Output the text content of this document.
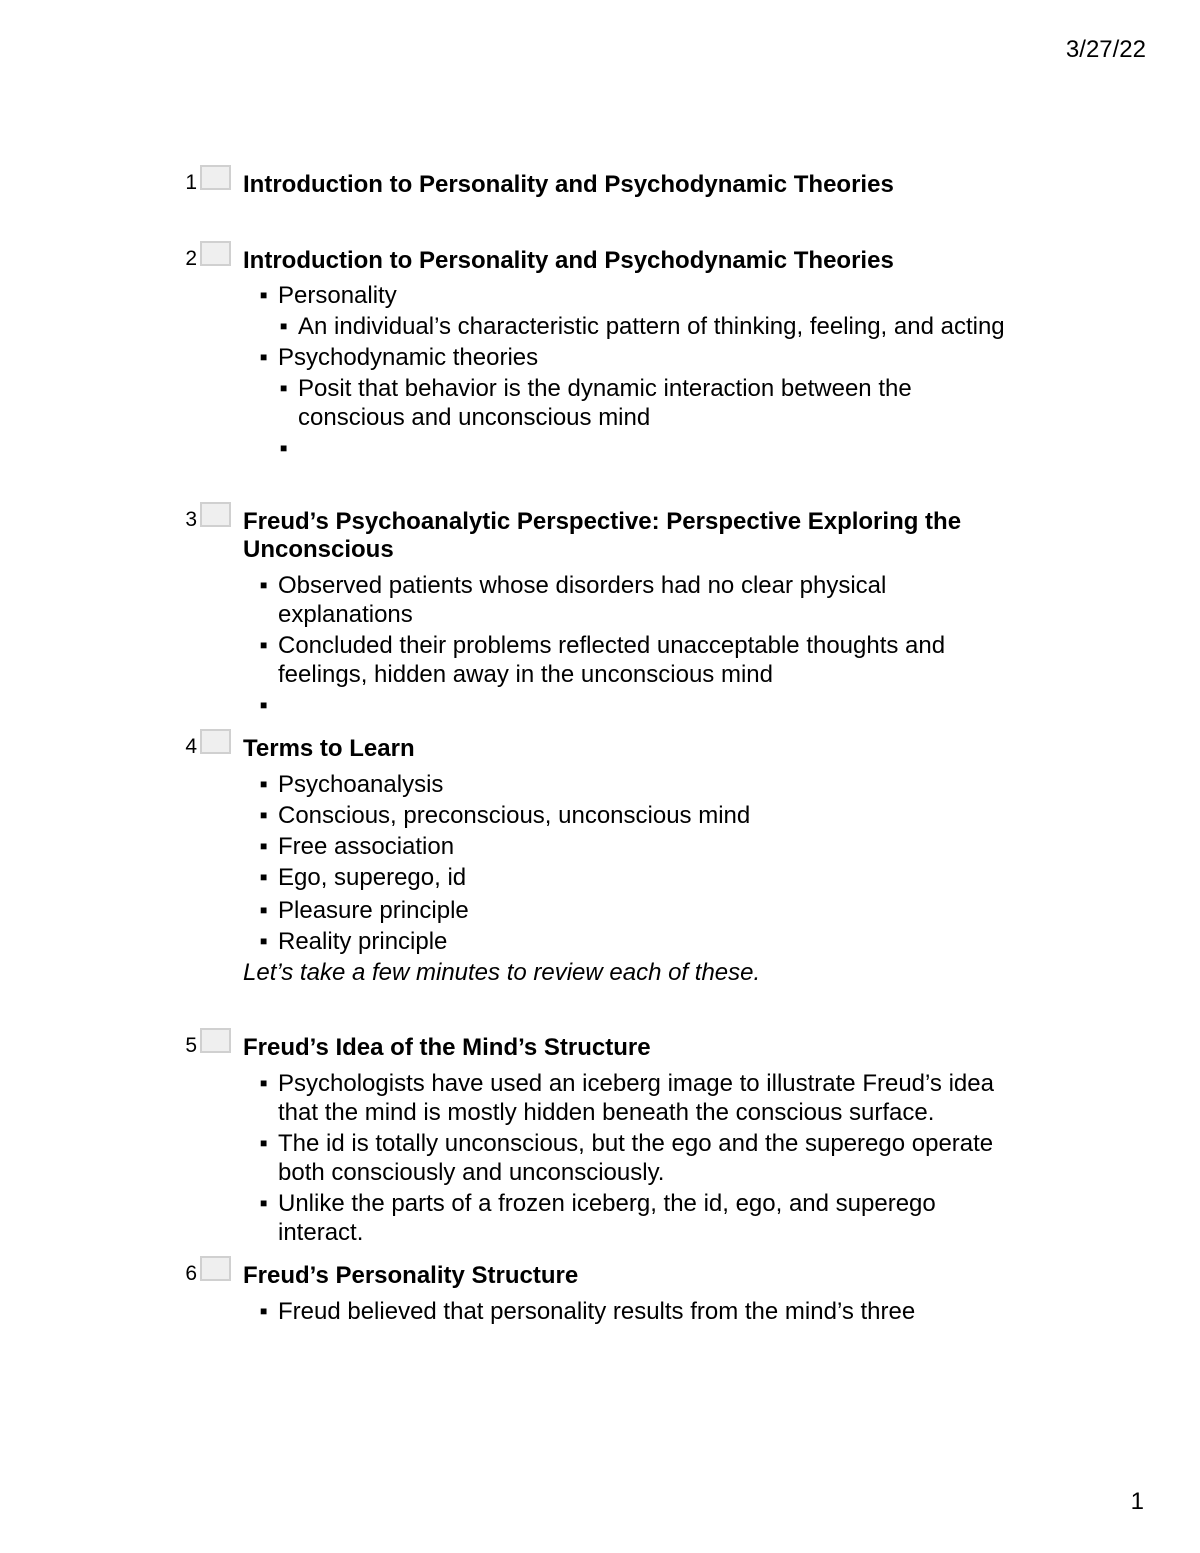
3/27/22
1 Introduction to Personality and Psychodynamic Theories
2 Introduction to Personality and Psychodynamic Theories
■ Personality
■ An individual’s characteristic pattern of thinking, feeling, and acting
■ Psychodynamic theories
■ Posit that behavior is the dynamic interaction between the conscious and unconscious mind
■
3 Freud’s Psychoanalytic Perspective: Perspective Exploring the Unconscious
■ Observed patients whose disorders had no clear physical explanations
■ Concluded their problems reflected unacceptable thoughts and feelings, hidden away in the unconscious mind
■
4 Terms to Learn
■ Psychoanalysis
■ Conscious, preconscious, unconscious mind
■ Free association
■ Ego, superego, id
■ Pleasure principle
■ Reality principle
Let’s take a few minutes to review each of these.
5 Freud’s Idea of the Mind’s Structure
■ Psychologists have used an iceberg image to illustrate Freud’s idea that the mind is mostly hidden beneath the conscious surface.
■ The id is totally unconscious, but the ego and the superego operate both consciously and unconsciously.
■ Unlike the parts of a frozen iceberg, the id, ego, and superego interact.
6 Freud’s Personality Structure
■ Freud believed that personality results from the mind’s three
1
